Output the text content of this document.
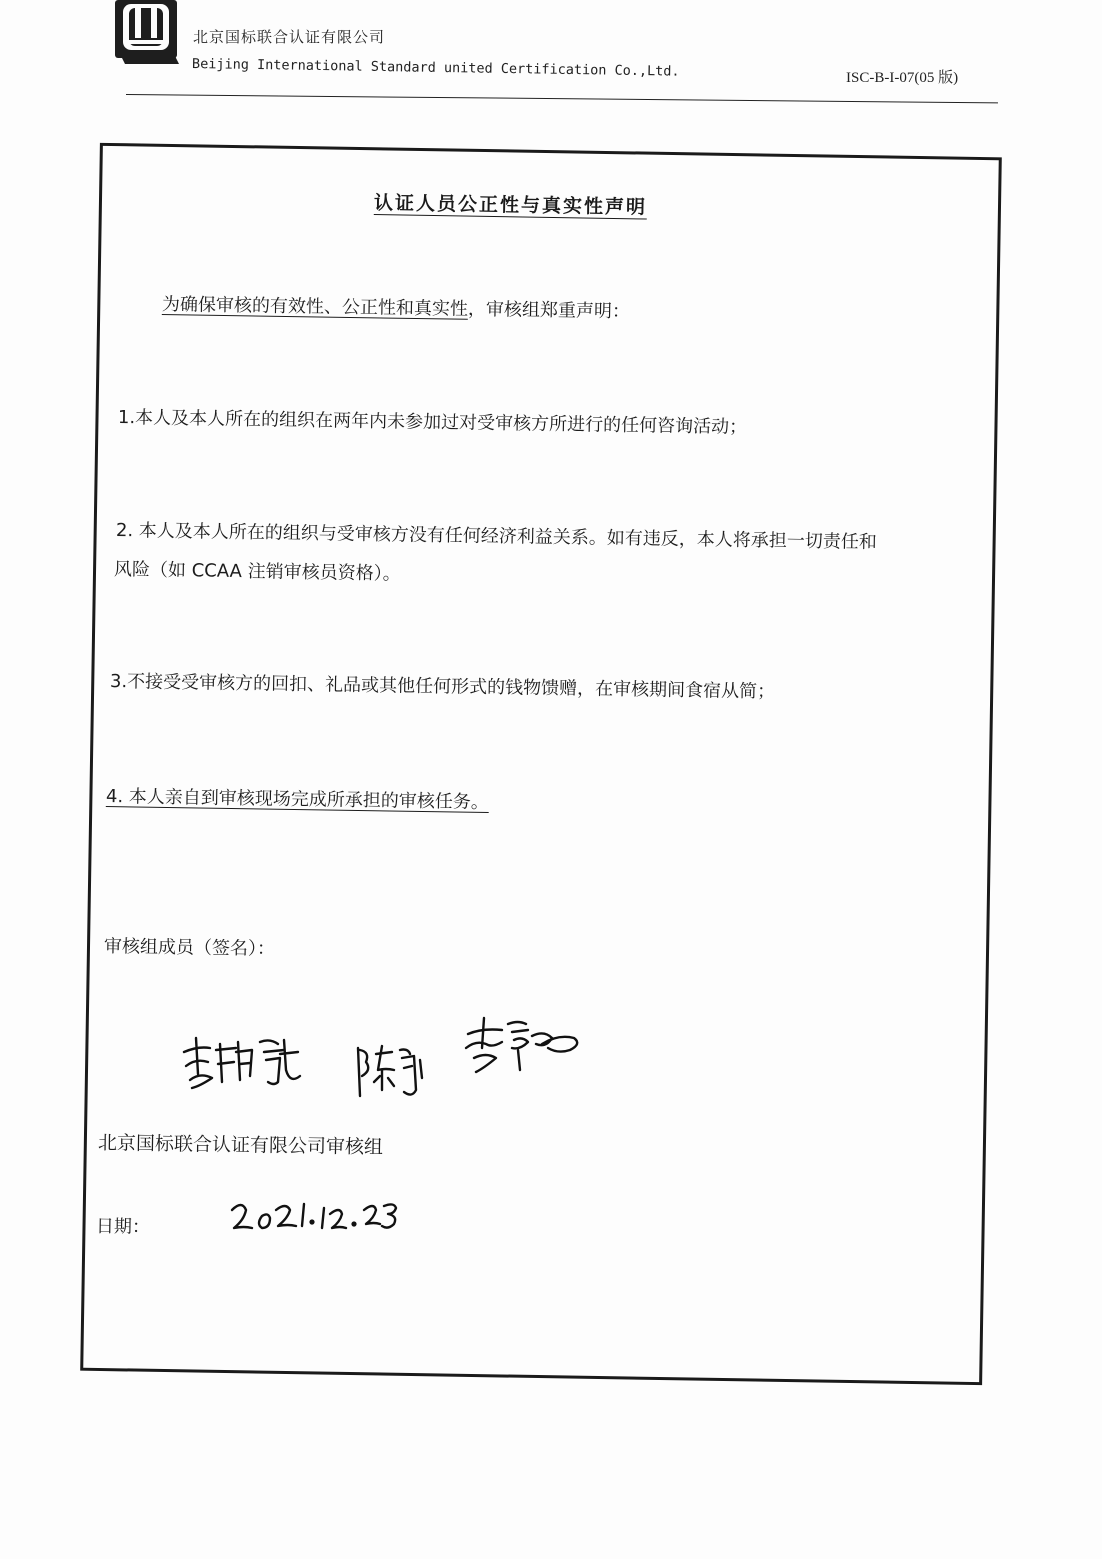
北京国标联合认证有限公司
Beijing International Standard united Certification Co.,Ltd.	ISC-B-I-07(05 版)
认证人员公正性与真实性声明
为确保审核的有效性、公正性和真实性，审核组郑重声明：
1.本人及本人所在的组织在两年内未参加过对受审核方所进行的任何咨询活动；
2. 本人及本人所在的组织与受审核方没有任何经济利益关系。如有违反，本人将承担一切责任和
风险（如 CCAA 注销审核员资格）。
3.不接受受审核方的回扣、礼品或其他任何形式的钱物馈赠，在审核期间食宿从简；
4. 本人亲自到审核现场完成所承担的审核任务。
审核组成员（签名）：
北京国标联合认证有限公司审核组
日期：
